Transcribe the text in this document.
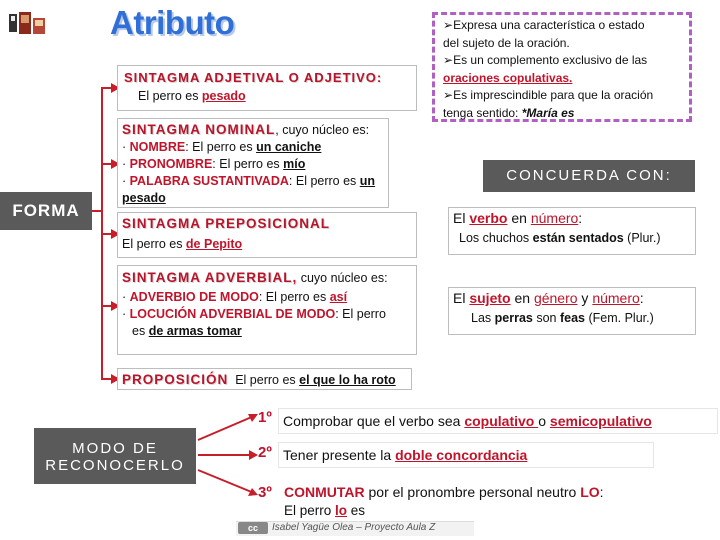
Atributo	➢Expresa una característica o estado
del sujeto de la oración.
➢Es un complemento exclusivo de las
oraciones copulativas.
➢Es imprescindible para que la oración
tenga sentido: *María es
FORMA
SINTAGMA ADJETIVAL O ADJETIVO:
El perro es pesado
SINTAGMA NOMINAL, cuyo núcleo es:
· NOMBRE: El perro es un caniche
· PRONOMBRE: El perro es mío
· PALABRA SUSTANTIVADA: El perro es un
pesado
SINTAGMA PREPOSICIONAL
El perro es de Pepito
SINTAGMA ADVERBIAL, cuyo núcleo es:
· ADVERBIO DE MODO: El perro es así
· LOCUCIÓN ADVERBIAL DE MODO: El perro
es de armas tomar
PROPOSICIÓN El perro es el que lo ha roto
CONCUERDA CON:
El verbo en número:
Los chuchos están sentados (Plur.)
El sujeto en género y número:
Las perras son feas (Fem. Plur.)
MODO DE RECONOCERLO
1º Comprobar que el verbo sea copulativo o semicopulativo
2º Tener presente la doble concordancia
3º CONMUTAR por el pronombre personal neutro LO:
El perro lo es
cc	Isabel Yagüe Olea – Proyecto Aula Z
